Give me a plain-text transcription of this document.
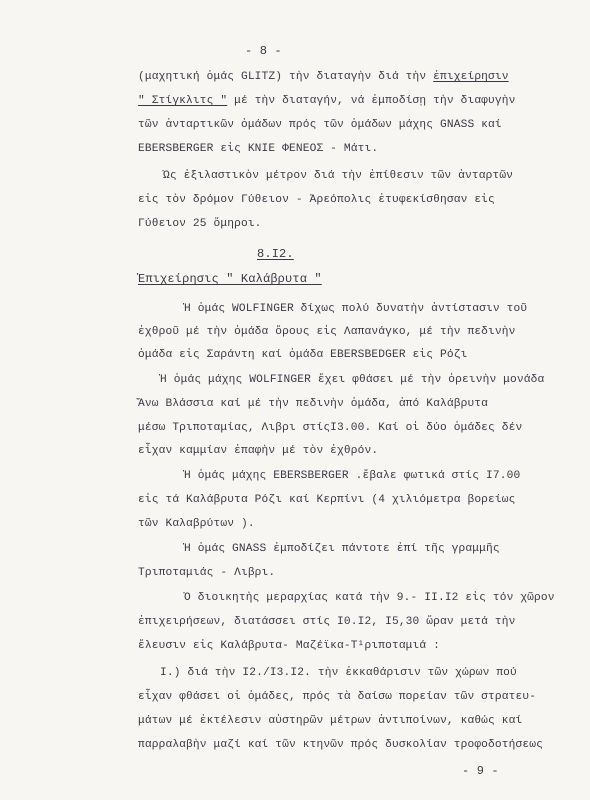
- 8 -
(μαχητική ὁμάς GLITZ) τὴν διαταγὴν διά τὴν ἐπιχείρησιν
" Στίγκλιτς " μέ τὴν διαταγήν, νά ἐμποδίσῃ τὴν διαφυγὴν
τῶν ἀνταρτικῶν ὁμάδων πρός τῶν ὁμάδων μάχης GNASS καί
EBERSBERGER εἰς ΚΝΙΕ ΦΕΝΕΟΣ - Μάτι.
Ὡς ἐξιλαστικὸν μέτρον διά τὴν ἐπίθεσιν τῶν ἀνταρτῶν
εἰς τὸν δρόμον Γύθειον - Ἀρεόπολις ἐτυφεκίσθησαν εἰς
Γύθειον 25 ὅμηροι.
8.I2.
Ἐπιχείρησις " Καλάβρυτα "
Ἡ ὁμάς WOLFINGER δίχως πολύ δυνατὴν ἀντίστασιν τοῦ
ἐχθροῦ μέ τὴν ὁμάδα ὄρους εἰς Λαπανάγκο, μέ τὴν πεδινὴν
ὁμάδα εἰς Σαράντη καί ὁμάδα EBERSBEDGER εἰς Ρόζι
Ἡ ὁμάς μάχης WOLFINGER ἔχει φθάσει μέ τὴν ὀρεινὴν μονάδα
Ἄνω Βλάσσια καί μέ τὴν πεδινὴν ὁμάδα, ἀπό Καλάβρυτα
μέσω Τριποταμίας, Λιβρι στίςΙ3.00. Καί οἱ δύο ὁμάδες δέν
εἶχαν καμμίαν ἐπαφὴν μέ τὸν ἐχθρόν.
Ἡ ὁμάς μάχης EBERSBERGER .ἔβαλε φωτικά στίς I7.00
εἰς τά Καλάβρυτα Ρόζι καί Κερπίνι (4 χιλιόμετρα βορείως
τῶν Καλαβρύτων ).
Ἡ ὁμάς GNASS ἐμποδίζει πάντοτε ἐπί τῆς γραμμῆς
Τριποταμιάς - Λιβρι.
Ὁ διοικητὴς μεραρχίας κατά τὴν 9.- II.I2 εἰς τόν χῶρον
ἐπιχειρήσεων, διατάσσει στίς I0.I2, I5,30 ὥραν μετά τὴν
ἔλευσιν εἰς Καλάβρυτα- Μαζέϊκα-Τ¹ριποταμιά :
I.) διά τὴν I2./I3.I2. τὴν ἐκκαθάρισιν τῶν χώρων πού
εἶχαν φθάσει οἱ ὁμάδες, πρός τὰ δαίσω πορείαν τῶν στρατευ-
μάτων μέ ἐκτέλεσιν αὐστηρῶν μέτρων ἀντιποίνων, καθώς καί
παρραλαβὴν μαζί καί τῶν κτηνῶν πρός δυσκολίαν τροφοδοτήσεως
- 9 -
